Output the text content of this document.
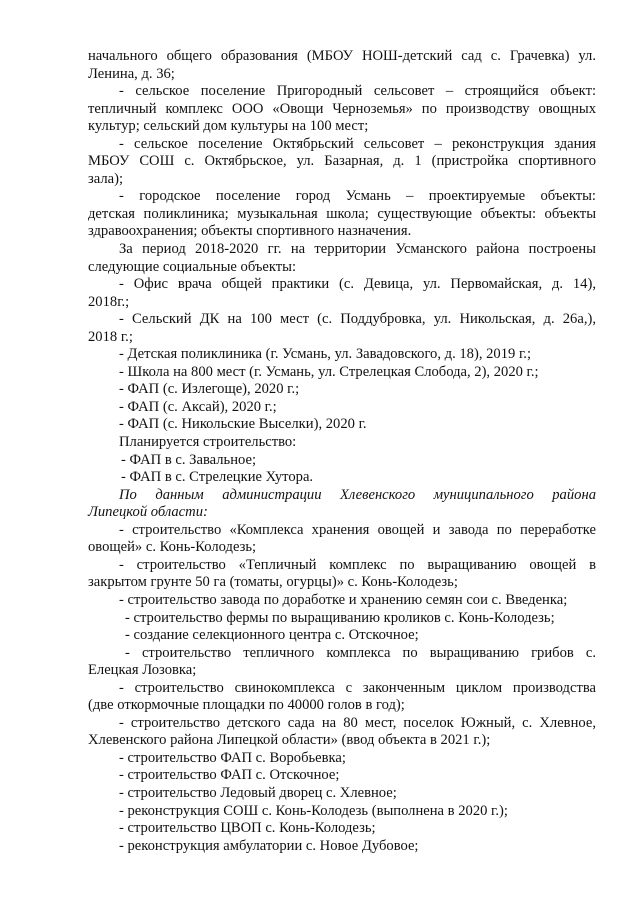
начального общего образования (МБОУ НОШ-детский сад с. Грачевка) ул.
Ленина, д. 36;
- сельское поселение Пригородный сельсовет – строящийся объект:
тепличный комплекс ООО «Овощи Черноземья» по производству овощных
культур; сельский дом культуры на 100 мест;
- сельское поселение Октябрьский сельсовет – реконструкция здания
МБОУ СОШ с. Октябрьское, ул. Базарная, д. 1 (пристройка спортивного
зала);
- городское поселение город Усмань – проектируемые объекты:
детская поликлиника; музыкальная школа; существующие объекты: объекты
здравоохранения; объекты спортивного назначения.
За период 2018-2020 гг. на территории Усманского района построены
следующие социальные объекты:
- Офис врача общей практики (с. Девица, ул. Первомайская, д. 14),
2018г.;
- Сельский ДК на 100 мест (с. Поддубровка, ул. Никольская, д. 26а,),
2018 г.;
- Детская поликлиника (г. Усмань, ул. Завадовского, д. 18), 2019 г.;
- Школа на 800 мест (г. Усмань, ул. Стрелецкая Слобода, 2), 2020 г.;
- ФАП (с. Излегоще), 2020 г.;
- ФАП (с. Аксай), 2020 г.;
- ФАП (с. Никольские Выселки), 2020 г.
Планируется строительство:
- ФАП в с. Завальное;
- ФАП в с. Стрелецкие Хутора.
По данным администрации Хлевенского муниципального района
Липецкой области:
- строительство «Комплекса хранения овощей и завода по переработке
овощей» с. Конь-Колодезь;
- строительство «Тепличный комплекс по выращиванию овощей в
закрытом грунте 50 га (томаты, огурцы)» с. Конь-Колодезь;
- строительство завода по доработке и хранению семян сои с. Введенка;
- строительство фермы по выращиванию кроликов с. Конь-Колодезь;
- создание селекционного центра с. Отскочное;
- строительство тепличного комплекса по выращиванию грибов с.
Елецкая Лозовка;
- строительство свинокомплекса с законченным циклом производства
(две откормочные площадки по 40000 голов в год);
- строительство детского сада на 80 мест, поселок Южный, с. Хлевное,
Хлевенского района Липецкой области» (ввод объекта в 2021 г.);
- строительство ФАП с. Воробьевка;
- строительство ФАП с. Отскочное;
- строительство Ледовый дворец с. Хлевное;
- реконструкция СОШ с. Конь-Колодезь (выполнена в 2020 г.);
- строительство ЦВОП с. Конь-Колодезь;
- реконструкция амбулатории с. Новое Дубовое;
